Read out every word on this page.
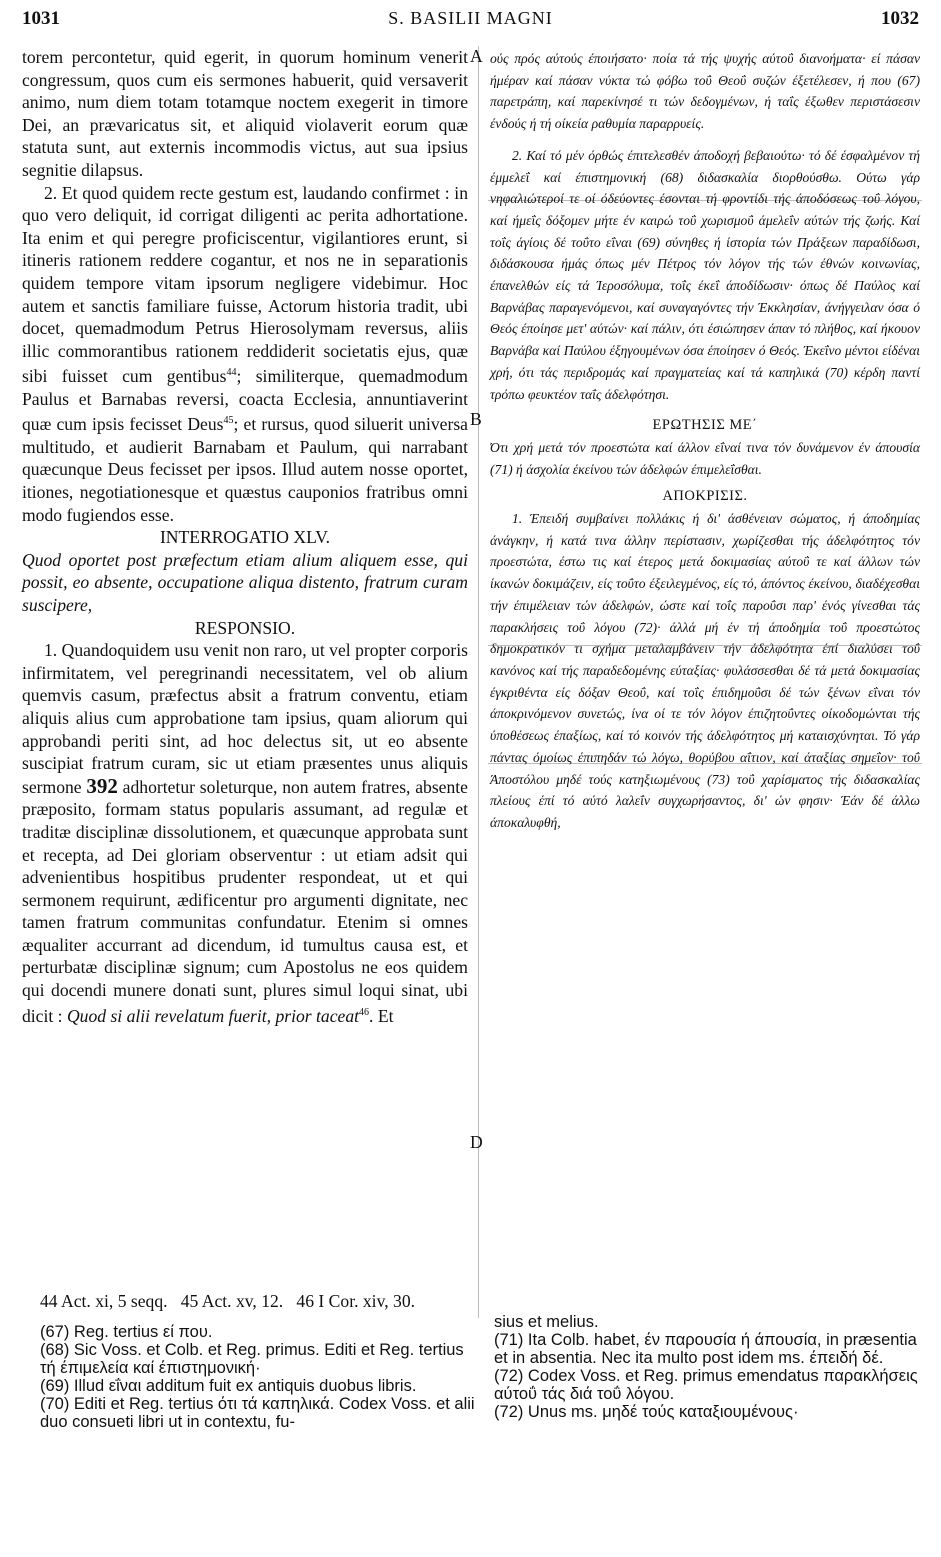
1031	S. BASILII MAGNI	1032
A
B
D

torem percontetur, quid egerit, in quorum hominum venerit congressum, quos cum eis sermones habuerit, quid versaverit animo, num diem totam totamque noctem exegerit in timore Dei, an prævaricatus sit, et aliquid violaverit eorum quæ statuta sunt, aut externis incommodis victus, aut sua ipsius segnitie dilapsus.

2. Et quod quidem recte gestum est, laudando confirmet : in quo vero deliquit, id corrigat diligenti ac perita adhortatione. Ita enim et qui peregre proficiscentur, vigilantiores erunt, si itineris rationem reddere cogantur, et nos ne in separationis quidem tempore vitam ipsorum negligere videbimur. Hoc autem et sanctis familiare fuisse, Actorum historia tradit, ubi docet, quemadmodum Petrus Hierosolymam reversus, aliis illic commorantibus rationem reddiderit societatis ejus, quæ sibi fuisset cum gentibus$^{44}$; similiterque, quemadmodum Paulus et Barnabas reversi, coacta Ecclesia, annuntiaverint quæ cum ipsis fecisset Deus$^{45}$; et rursus, quod siluerit universa multitudo, et audierit Barnabam et Paulum, qui narrabant quæcunque Deus fecisset per ipsos. Illud autem nosse oportet, itiones, negotiationesque et quæstus cauponios fratribus omni modo fugiendos esse.

INTERROGATIO XLV.

Quod oportet post præfectum etiam alium aliquem esse, qui possit, eo absente, occupatione aliqua distento, fratrum curam suscipere,

RESPONSIO.

1. Quandoquidem usu venit non raro, ut vel propter corporis infirmitatem, vel peregrinandi necessitatem, vel ob alium quemvis casum, præfectus absit a fratrum conventu, etiam aliquis alius cum approbatione tam ipsius, quam aliorum qui approbandi periti sint, ad hoc delectus sit, ut eo absente suscipiat fratrum curam, sic ut etiam præsentes unus aliquis sermone 392 adhortetur soleturque, non autem fratres, absente præposito, formam status popularis assumant, ad regulæ et traditæ disciplinæ dissolutionem, et quæcunque approbata sunt et recepta, ad Dei gloriam observentur : ut etiam adsit qui advenientibus hospitibus prudenter respondeat, ut et qui sermonem requirunt, ædificentur pro argumenti dignitate, nec tamen fratrum communitas confundatur. Etenim si omnes æqualiter accurrant ad dicendum, id tumultus causa est, et perturbatæ disciplinæ signum; cum Apostolus ne eos quidem qui docendi munere donati sunt, plures simul loqui sinat, ubi dicit : Quod si alii revelatum fuerit, prior taceat$^{46}$. Et

ούς πρός αύτούς έποιήσατο· ποία τά τής ψυχής αύτοΰ διανοήματα· εί πάσαν ήμέραν καί πάσαν νύκτα τώ φόβω τοΰ Θεοΰ συζών έξετέλεσεν, ή που (67) παρετράπη, καί παρεκίνησέ τι τών δεδογμένων, ή ταΐς έξωθεν περιστάσεσιν ένδούς ή τή οίκεία ραθυμία παραρρυείς.

2. Καί τό μέν όρθώς έπιτελεσθέν άποδοχή βεβαιούτω· τό δέ έσφαλμένον τή έμμελεΐ καί έπιστημονική (68) διδασκαλία διορθούσθω. Ούτω γάρ νηφαλιώτεροί τε οί όδεύοντες έσονται τή φροντίδι τής άποδόσεως τοΰ λόγου, καί ήμεΐς δόξομεν μήτε έν καιρώ τοΰ χωρισμοΰ άμελεΐν αύτών τής ζωής. Καί τοΐς άγίοις δέ τοΰτο εΐναι (69) σύνηθες ή ίστορία τών Πράξεων παραδίδωσι, διδάσκουσα ήμάς όπως μέν Πέτρος τόν λόγον τής τών έθνών κοινωνίας, έπανελθών είς τά Ίεροσόλυμα, τοΐς έκεΐ άποδίδωσιν· όπως δέ Παύλος καί Βαρνάβας παραγενόμενοι, καί συναγαγόντες τήν Έκκλησίαν, άνήγγειλαν όσα ό Θεός έποίησε μετ' αύτών· καί πάλιν, ότι έσιώπησεν άπαν τό πλήθος, καί ήκουον Βαρνάβα καί Παύλου έξηγουμένων όσα έποίησεν ό Θεός. Έκεΐνο μέντοι είδέναι χρή, ότι τάς περιδρομάς καί πραγματείας καί τά καπηλικά (70) κέρδη παντί τρόπω φευκτέον ταΐς άδελφότησι.

ΕΡΩΤΗΣΙΣ ΜΕ΄

Ότι χρή μετά τόν προεστώτα καί άλλον εΐναί τινα τόν δυνάμενον έν άπουσία (71) ή άσχολία έκείνου τών άδελφών έπιμελεΐσθαι.

ΑΠΟΚΡΙΣΙΣ.

1. Έπειδή συμβαίνει πολλάκις ή δι' άσθένειαν σώματος, ή άποδημίας άνάγκην, ή κατά τινα άλλην περίστασιν, χωρίζεσθαι τής άδελφότητος τόν προεστώτα, έστω τις καί έτερος μετά δοκιμασίας αύτοΰ τε καί άλλων τών ίκανών δοκιμάζειν, είς τοΰτο έξειλεγμένος, είς τό, άπόντος έκείνου, διαδέχεσθαι τήν έπιμέλειαν τών άδελφών, ώστε καί τοΐς παροΰσι παρ' ένός γίνεσθαι τάς παρακλήσεις τοΰ λόγου (72)· άλλά μή έν τή άποδημία τοΰ προεστώτος δημοκρατικόν τι σχήμα μεταλαμβάνειν τήν άδελφότητα έπί διαλύσει τοΰ κανόνος καί τής παραδεδομένης εύταξίας· φυλάσσεσθαι δέ τά μετά δοκιμασίας έγκριθέντα είς δόξαν Θεοΰ, καί τοΐς έπιδημοΰσι δέ τών ξένων εΐναι τόν άποκρινόμενον συνετώς, ίνα οί τε τόν λόγον έπιζητοΰντες οίκοδομώνται τής ύποθέσεως έπαξίως, καί τό κοινόν τής άδελφότητος μή καταισχύνηται. Τό γάρ πάντας όμοίως έπιπηδάν τώ λόγω, θορύβου αΐτιον, καί άταξίας σημεΐον· τοΰ Άποστόλου μηδέ τούς κατηξιωμένους (73) τοΰ χαρίσματος τής διδασκαλίας πλείους έπί τό αύτό λαλεΐν συγχωρήσαντος, δι' ών φησιν· Έάν δέ άλλω άποκαλυφθή,

44 Act. xi, 5 seqq. 45 Act. xv, 12. 46 I Cor. xiv, 30.

(67) Reg. tertius εί που.

(68) Sic Voss. et Colb. et Reg. primus. Editi et Reg. tertius τή έπιμελεία καί έπιστημονική·

(69) Illud εΐναι additum fuit ex antiquis duobus libris.

(70) Editi et Reg. tertius ότι τά καπηλικά. Codex Voss. et alii duo consueti libri ut in contextu, fu-

sius et melius.

(71) Ita Colb. habet, έν παρουσία ή άπουσία, in præsentia et in absentia. Nec ita multo post idem ms. έπειδή δέ.

(72) Codex Voss. et Reg. primus emendatus παρακλήσεις αύτοΰ τάς διά τοΰ λόγου.

(72) Unus ms. μηδέ τούς καταξιουμένους·
